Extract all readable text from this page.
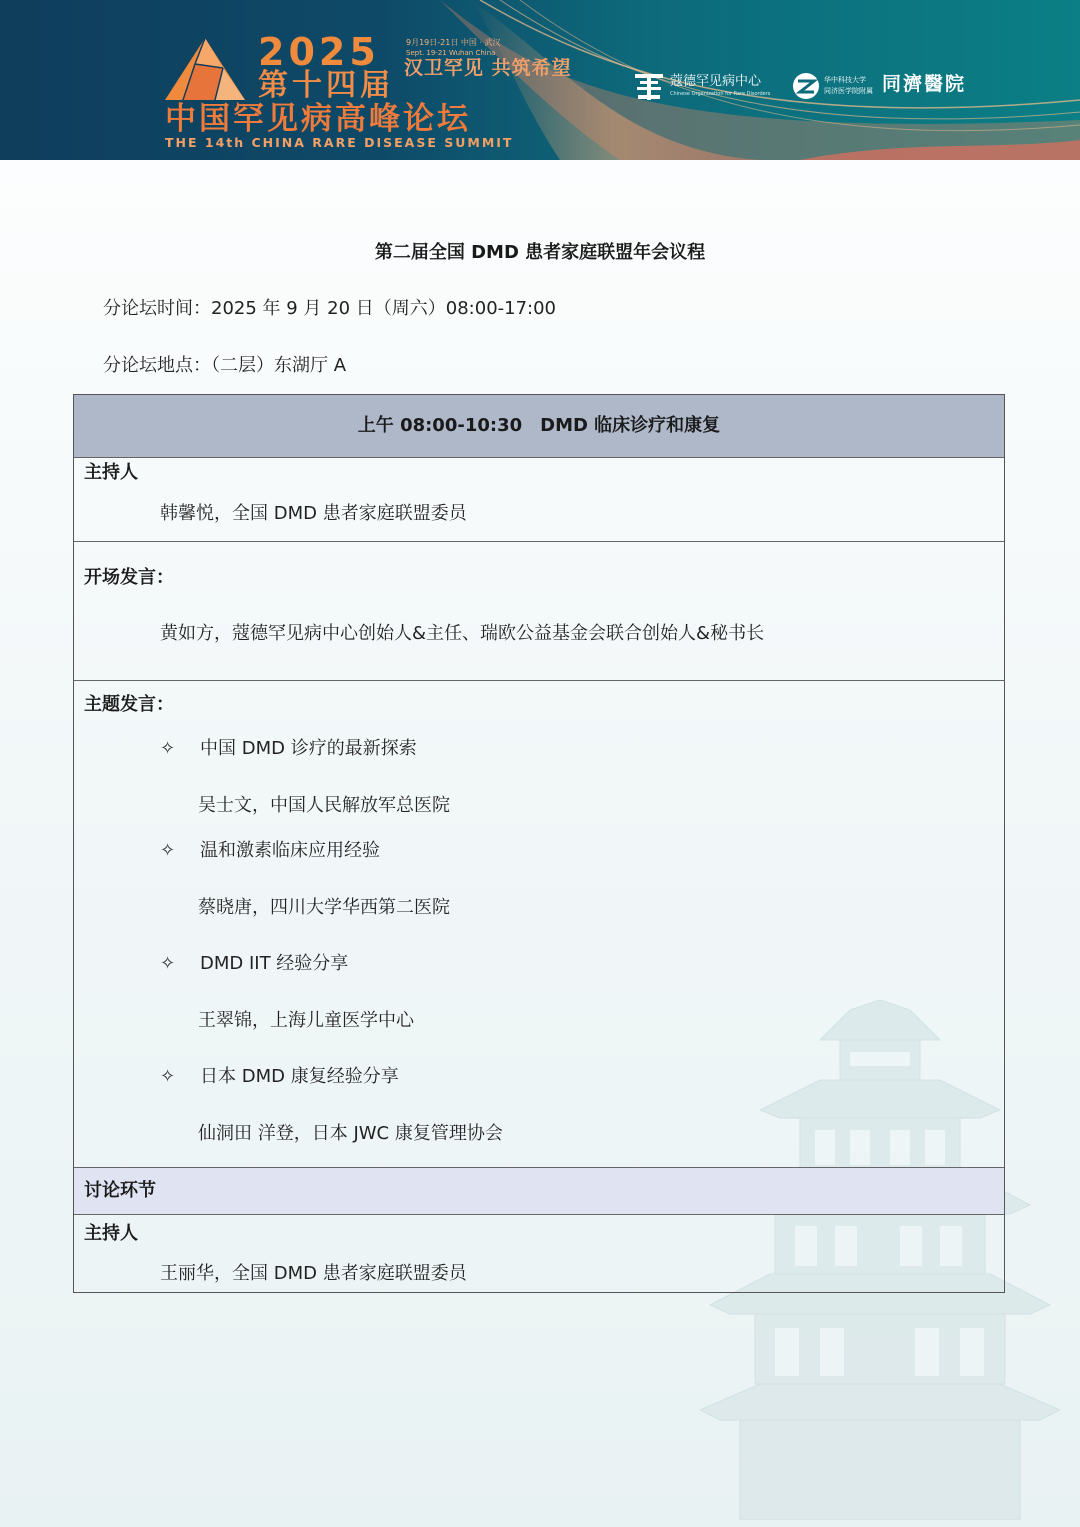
2025
第十四届
中国罕见病高峰论坛
THE 14th CHINA RARE DISEASE SUMMIT
9月19日-21日 中国 · 武汉
Sept. 19-21 Wuhan China
汉卫罕见 共筑希望
蔻德罕见病中心
Chinese Organization for Rare Disorders
华中科技大学
同济医学院附属 同濟醫院
第二届全国 DMD 患者家庭联盟年会议程
分论坛时间：2025 年 9 月 20 日（周六）08:00-17:00
分论坛地点：（二层）东湖厅 A
上午 08:00-10:30　DMD 临床诊疗和康复
主持人
韩馨悦，全国 DMD 患者家庭联盟委员
开场发言：
黄如方，蔻德罕见病中心创始人&主任、瑞欧公益基金会联合创始人&秘书长
主题发言：
✧ 中国 DMD 诊疗的最新探索
吴士文，中国人民解放军总医院
✧ 温和激素临床应用经验
蔡晓唐，四川大学华西第二医院
✧ DMD IIT 经验分享
王翠锦，上海儿童医学中心
✧ 日本 DMD 康复经验分享
仙洞田 洋登，日本 JWC 康复管理协会
讨论环节
主持人
王丽华，全国 DMD 患者家庭联盟委员
